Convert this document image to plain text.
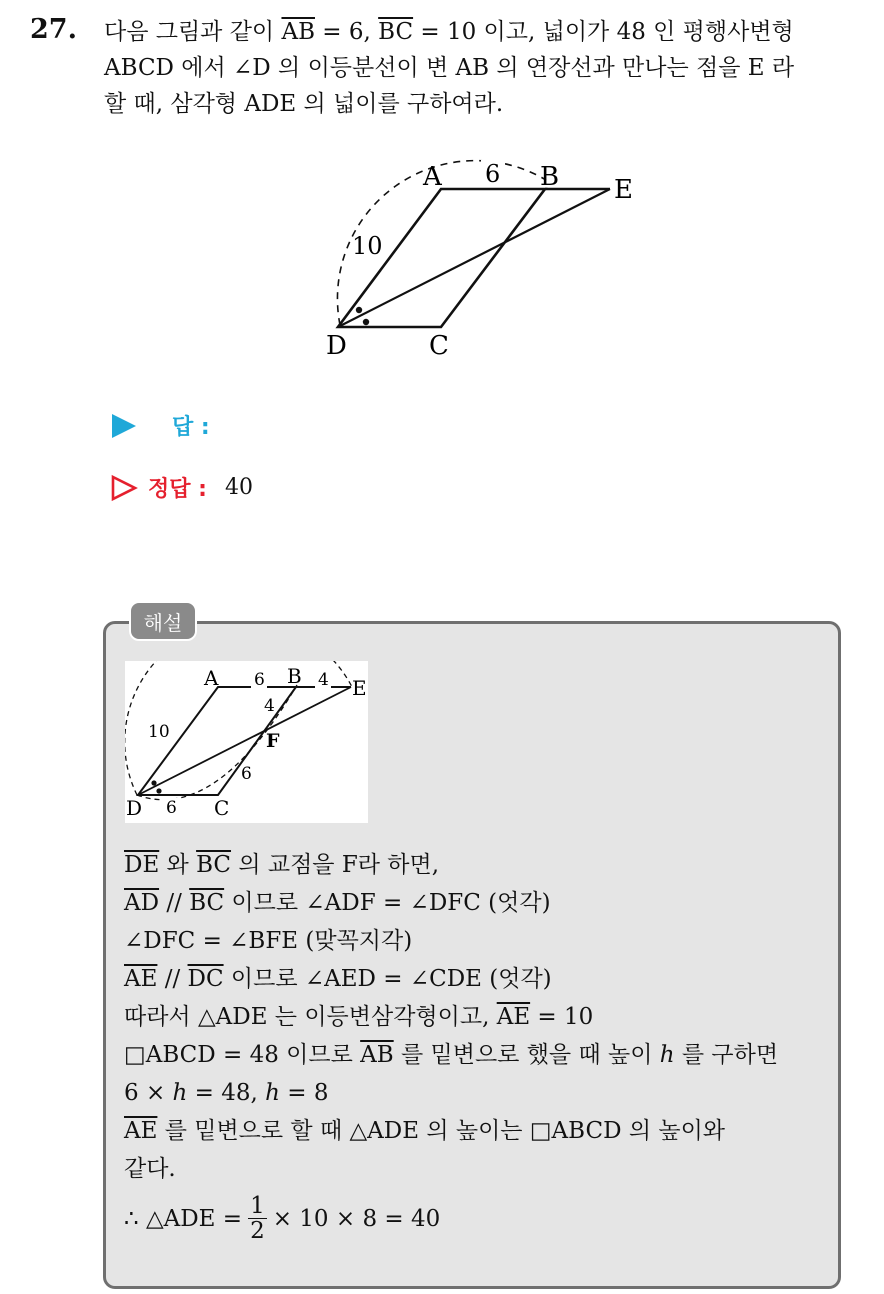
27. 다음 그림과 같이 $\overline{AB} = 6$, $\overline{BC} = 10$ 이고, 넓이가 48 인 평행사변형
ABCD 에서 ∠D 의 이등분선이 변 AB 의 연장선과 만나는 점을 E 라
할 때, 삼각형 ADE 의 넓이를 구하여라.
A	B E
D	C
6
10
답 :
정답 : 40
해설
A	B	E
F
D	C
6	4
10
4
6
6
$\overline{DE}$ 와 $\overline{BC}$ 의 교점을 F라 하면,
$\overline{AD} // \overline{BC}$ 이므로 ∠ADF = ∠DFC (엇각)
∠DFC = ∠BFE (맞꼭지각)
$\overline{AE} // \overline{DC}$ 이므로 ∠AED = ∠CDE (엇각)
따라서 △ADE 는 이등변삼각형이고, $\overline{AE} = 10$
□ABCD = 48 이므로 $\overline{AB}$ 를 밑변으로 했을 때 높이 h 를 구하면
6 × h = 48, h = 8
$\overline{AE}$ 를 밑변으로 할 때 △ADE 의 높이는 □ABCD 의 높이와
같다.
∴ △ADE = $\frac{1}{2} \times 10 \times 8 = 40$
